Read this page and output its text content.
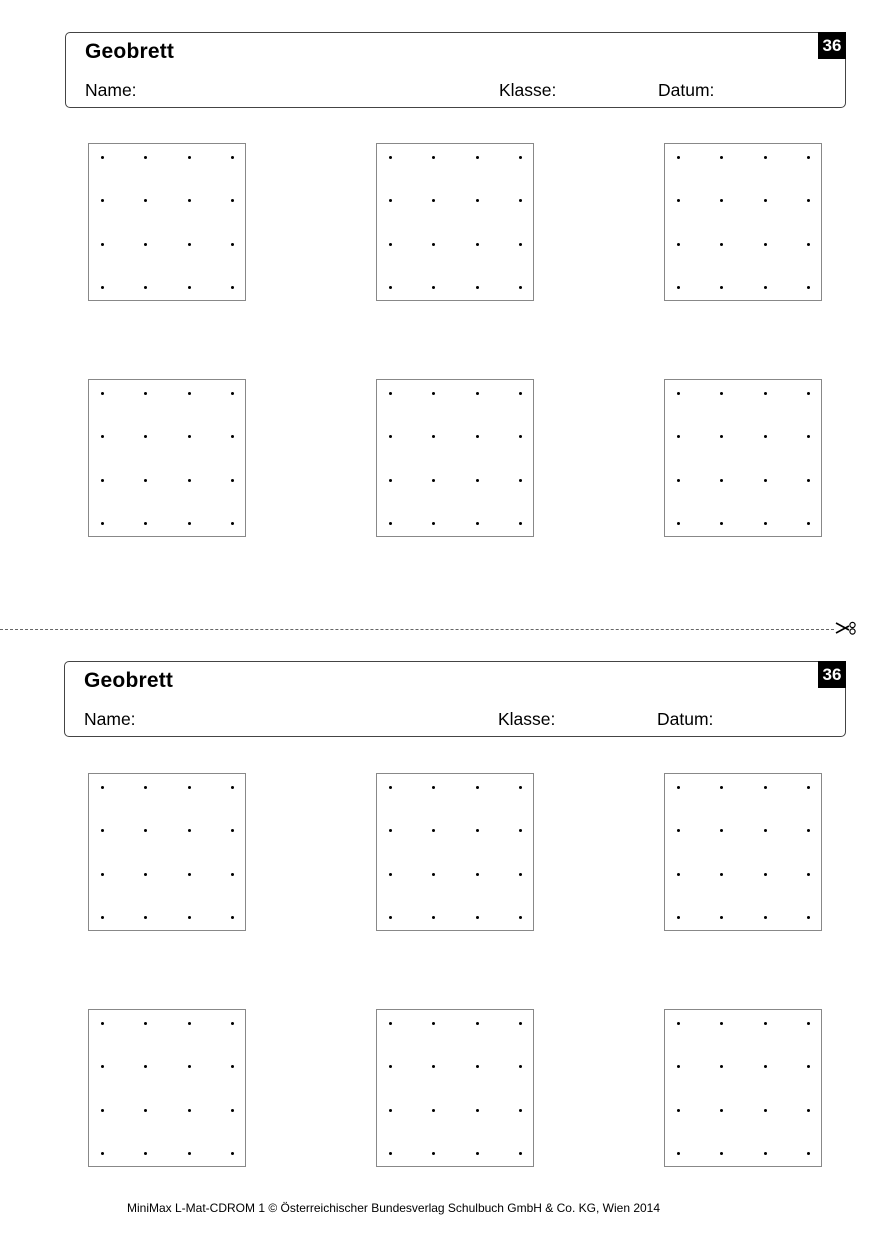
Geobrett
Name:	Klasse:	Datum:
36
Geobrett
Name:	Klasse:	Datum:
36
MiniMax L-Mat-CDROM 1 © Österreichischer Bundesverlag Schulbuch GmbH & Co. KG, Wien 2014
